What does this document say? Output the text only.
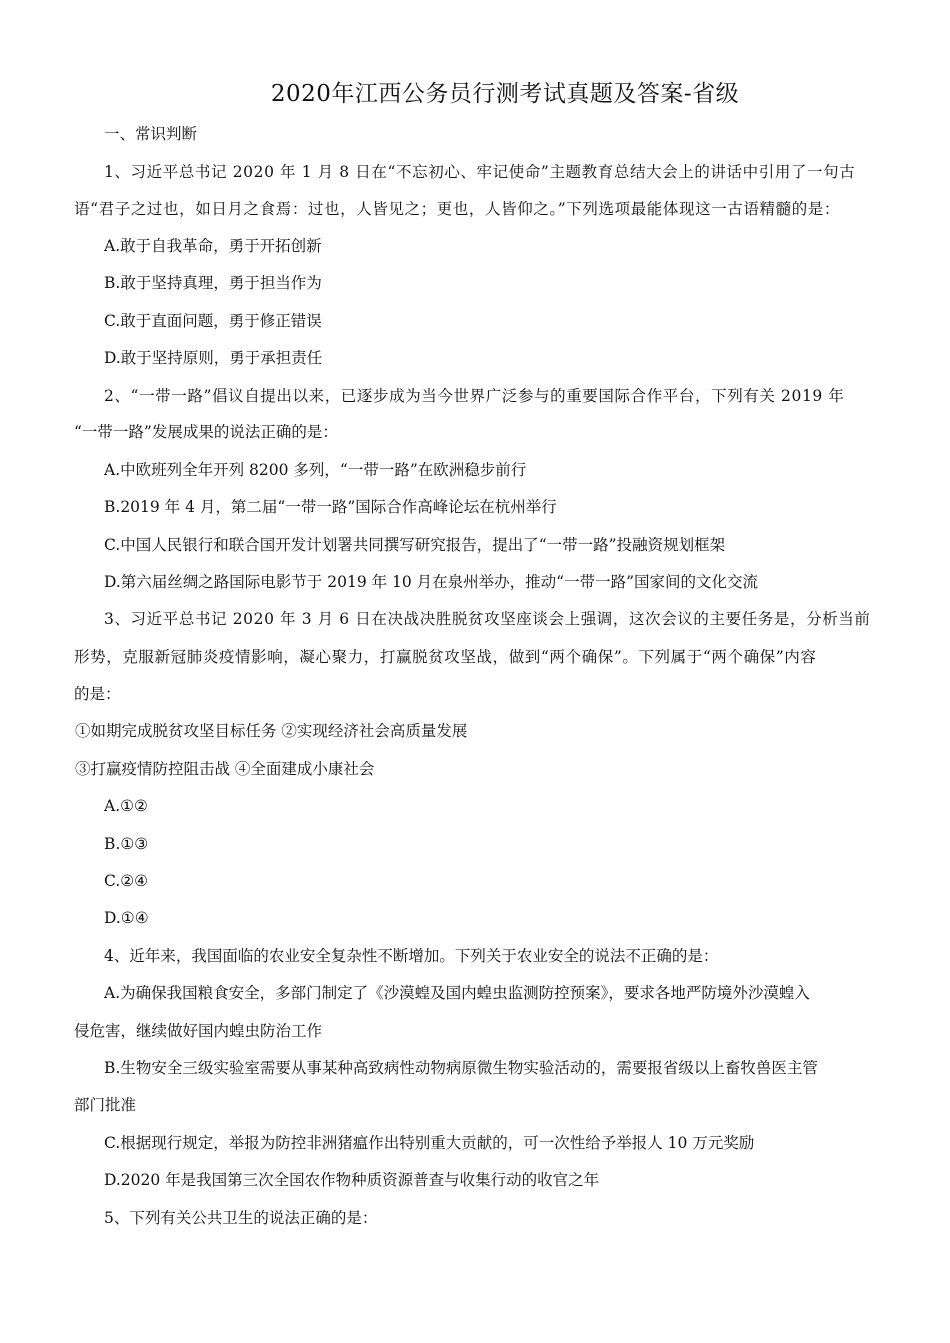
2020年江西公务员行测考试真题及答案-省级
一、常识判断
1、习近平总书记 2020 年 1 月 8 日在“不忘初心、牢记使命”主题教育总结大会上的讲话中引用了一句古
语“君子之过也，如日月之食焉：过也，人皆见之；更也，人皆仰之。”下列选项最能体现这一古语精髓的是：
A.敢于自我革命，勇于开拓创新
B.敢于坚持真理，勇于担当作为
C.敢于直面问题，勇于修正错误
D.敢于坚持原则，勇于承担责任
2、“一带一路”倡议自提出以来，已逐步成为当今世界广泛参与的重要国际合作平台，下列有关 2019 年
“一带一路”发展成果的说法正确的是：
A.中欧班列全年开列 8200 多列，“一带一路”在欧洲稳步前行
B.2019 年 4 月，第二届“一带一路”国际合作高峰论坛在杭州举行
C.中国人民银行和联合国开发计划署共同撰写研究报告，提出了“一带一路”投融资规划框架
D.第六届丝绸之路国际电影节于 2019 年 10 月在泉州举办，推动“一带一路”国家间的文化交流
3、习近平总书记 2020 年 3 月 6 日在决战决胜脱贫攻坚座谈会上强调，这次会议的主要任务是，分析当前
形势，克服新冠肺炎疫情影响，凝心聚力，打赢脱贫攻坚战，做到“两个确保”。下列属于“两个确保”内容
的是：
①如期完成脱贫攻坚目标任务 ②实现经济社会高质量发展
③打赢疫情防控阻击战 ④全面建成小康社会
A.①②
B.①③
C.②④
D.①④
4、近年来，我国面临的农业安全复杂性不断增加。下列关于农业安全的说法不正确的是：
A.为确保我国粮食安全，多部门制定了《沙漠蝗及国内蝗虫监测防控预案》，要求各地严防境外沙漠蝗入
侵危害，继续做好国内蝗虫防治工作
B.生物安全三级实验室需要从事某种高致病性动物病原微生物实验活动的，需要报省级以上畜牧兽医主管
部门批准
C.根据现行规定，举报为防控非洲猪瘟作出特别重大贡献的，可一次性给予举报人 10 万元奖励
D.2020 年是我国第三次全国农作物种质资源普查与收集行动的收官之年
5、下列有关公共卫生的说法正确的是：
